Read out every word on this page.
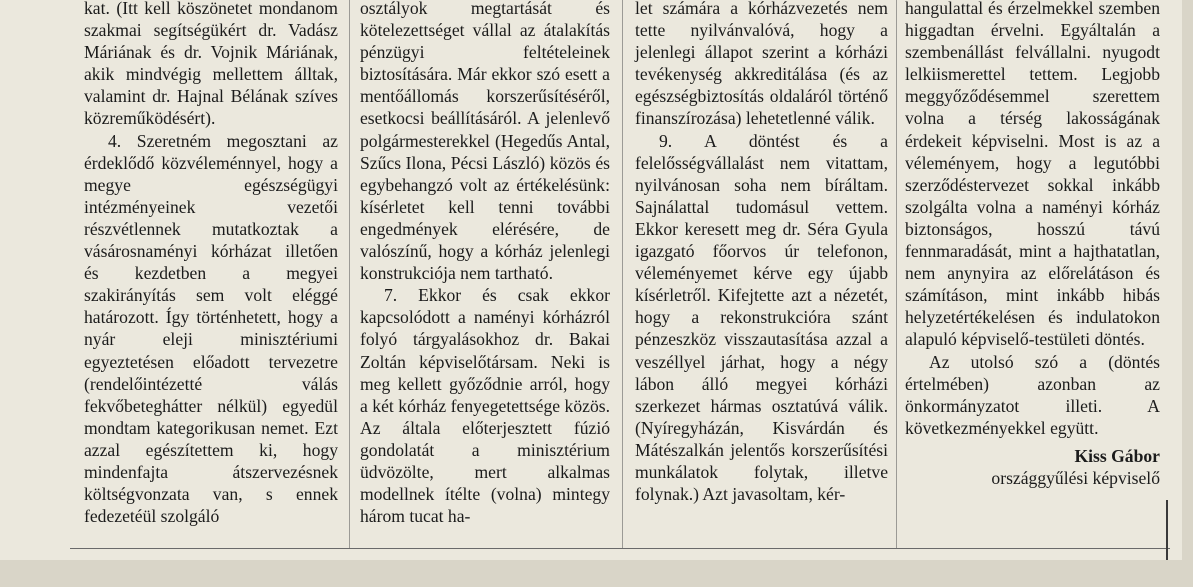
kat. (Itt kell köszönetet mondanom szakmai segítségükért dr. Vadász Máriának és dr. Vojnik Máriának, akik mindvégig mellettem álltak, valamint dr. Hajnal Bélának szíves közreműködésért).

4. Szeretném megosztani az érdeklődő közvéleménnyel, hogy a megye egészségügyi intézményeinek vezetői részvétlennek mutatkoztak a vásárosnaményi kórházat illetően és kezdetben a megyei szakirányítás sem volt eléggé határozott. Így történhetett, hogy a nyár eleji minisztériumi egyeztetésen előadott tervezetre (rendelőintézetté válás fekvőbeteghátter nélkül) egyedül mondtam kategorikusan nemet. Ezt azzal egészítettem ki, hogy mindenfajta átszervezésnek költségvonzata van, s ennek fedezetéül szolgáló

osztályok megtartását és kötelezettséget vállal az átalakítás pénzügyi feltételeinek biztosítására. Már ekkor szó esett a mentőállomás korszerűsítéséről, esetkocsi beállításáról. A jelenlevő polgármesterekkel (Hegedűs Antal, Szűcs Ilona, Pécsi László) közös és egybehangzó volt az értékelésünk: kísérletet kell tenni további engedmények elérésére, de valószínű, hogy a kórház jelenlegi konstrukciója nem tartható.

7. Ekkor és csak ekkor kapcsolódott a naményi kórházról folyó tárgyalásokhoz dr. Bakai Zoltán képviselőtársam. Neki is meg kellett győződnie arról, hogy a két kórház fenyegetettsége közös. Az általa előterjesztett fúzió gondolatát a minisztérium üdvözölte, mert alkalmas modellnek ítélte (volna) mintegy három tucat ha-

let számára a kórházvezetés nem tette nyilvánvalóvá, hogy a jelenlegi állapot szerint a kórházi tevékenység akkreditálása (és az egészségbiztosítás oldaláról történő finanszírozása) lehetetlenné válik.

9. A döntést és a felelősségvállalást nem vitattam, nyilvánosan soha nem bíráltam. Sajnálattal tudomásul vettem. Ekkor keresett meg dr. Séra Gyula igazgató főorvos úr telefonon, véleményemet kérve egy újabb kísérletről. Kifejtette azt a nézetét, hogy a rekonstrukcióra szánt pénzeszköz visszautasítása azzal a veszéllyel járhat, hogy a négy lábon álló megyei kórházi szerkezet hármas osztatúvá válik. (Nyíregyházán, Kisvárdán és Mátészalkán jelentős korszerűsítési munkálatok folytak, illetve folynak.) Azt javasoltam, kér-

hangulattal és érzelmekkel szemben higgadtan érvelni. Egyáltalán a szembenállást felvállalni. nyugodt lelkiismerettel tettem. Legjobb meggyőződésemmel szerettem volna a térség lakosságának érdekeit képviselni. Most is az a véleményem, hogy a legutóbbi szerződéstervezet sokkal inkább szolgálta volna a naményi kórház biztonságos, hosszú távú fennmaradását, mint a hajthatatlan, nem anynyira az előrelátáson és számításon, mint inkább hibás helyzetértékelésen és indulatokon alapuló képviselő-testületi döntés.

Az utolsó szó a (döntés értelmében) azonban az önkormányzatot illeti. A következményekkel együtt.

Kiss Gábor
országgyűlési képviselő
